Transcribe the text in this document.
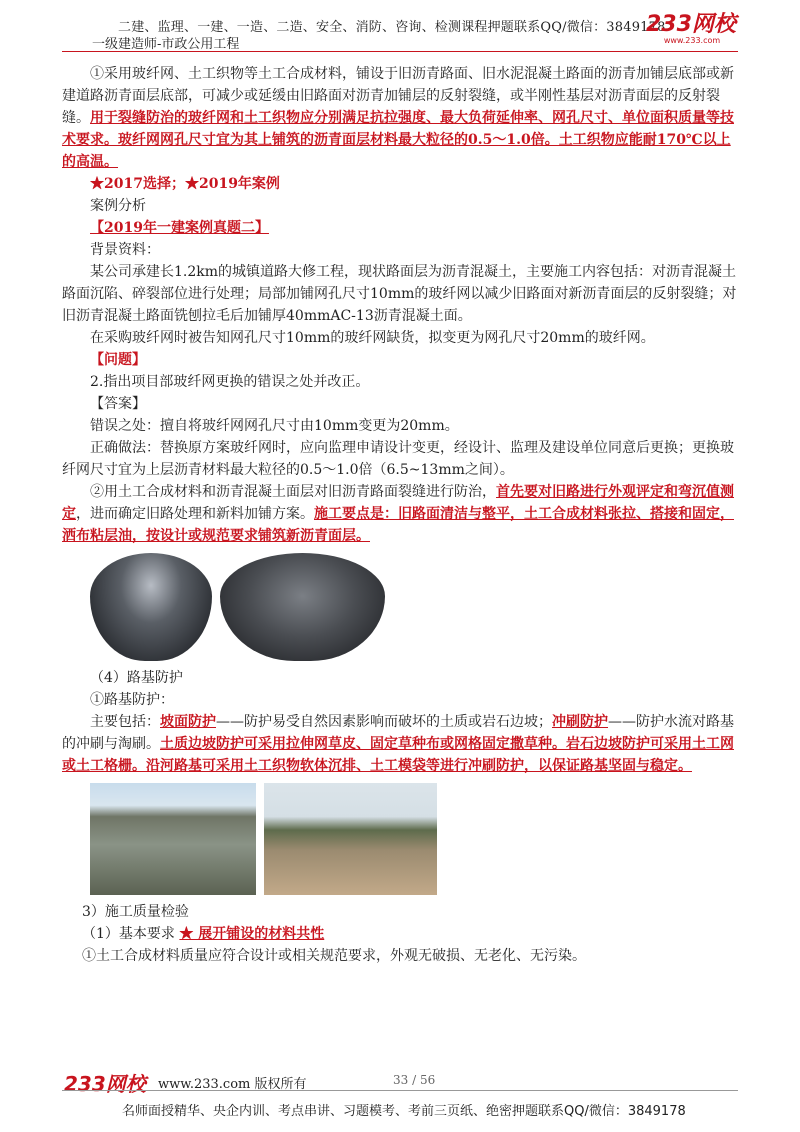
二建、监理、一建、一造、二造、安全、消防、咨询、检测课程押题联系QQ/微信：3849178
一级建造师-市政公用工程
233网校
www.233.com

①采用玻纤网、土工织物等土工合成材料，铺设于旧沥青路面、旧水泥混凝土路面的沥青加铺层底部或新建道路沥青面层底部，可减少或延缓由旧路面对沥青加铺层的反射裂缝，或半刚性基层对沥青面层的反射裂缝。用于裂缝防治的玻纤网和土工织物应分别满足抗拉强度、最大负荷延伸率、网孔尺寸、单位面积质量等技术要求。玻纤网网孔尺寸宜为其上铺筑的沥青面层材料最大粒径的0.5～1.0倍。土工织物应能耐170℃以上的高温。

★2017选择；★2019年案例

案例分析

【2019年一建案例真题二】

背景资料：

某公司承建长1.2km的城镇道路大修工程，现状路面层为沥青混凝土，主要施工内容包括：对沥青混凝土路面沉陷、碎裂部位进行处理；局部加铺网孔尺寸10mm的玻纤网以减少旧路面对新沥青面层的反射裂缝；对旧沥青混凝土路面铣刨拉毛后加铺厚40mmAC-13沥青混凝土面。

在采购玻纤网时被告知网孔尺寸10mm的玻纤网缺货，拟变更为网孔尺寸20mm的玻纤网。

【问题】

2.指出项目部玻纤网更换的错误之处并改正。

【答案】

错误之处：擅自将玻纤网网孔尺寸由10mm变更为20mm。

正确做法：替换原方案玻纤网时，应向监理申请设计变更，经设计、监理及建设单位同意后更换；更换玻纤网尺寸宜为上层沥青材料最大粒径的0.5～1.0倍（6.5~13mm之间）。

②用土工合成材料和沥青混凝土面层对旧沥青路面裂缝进行防治，首先要对旧路进行外观评定和弯沉值测定，进而确定旧路处理和新料加铺方案。施工要点是：旧路面清洁与整平，土工合成材料张拉、搭接和固定，洒布粘层油，按设计或规范要求铺筑新沥青面层。

（4）路基防护

①路基防护：

主要包括：坡面防护——防护易受自然因素影响而破坏的土质或岩石边坡；冲刷防护——防护水流对路基的冲刷与淘刷。土质边坡防护可采用拉伸网草皮、固定草种布或网格固定撒草种。岩石边坡防护可采用土工网或土工格栅。沿河路基可采用土工织物软体沉排、土工模袋等进行冲刷防护，以保证路基坚固与稳定。

3）施工质量检验

（1）基本要求 ★ 展开铺设的材料共性

①土工合成材料质量应符合设计或相关规范要求，外观无破损、无老化、无污染。

233网校 www.233.com 版权所有	33 / 56
名师面授精华、央企内训、考点串讲、习题模考、考前三页纸、绝密押题联系QQ/微信：3849178
